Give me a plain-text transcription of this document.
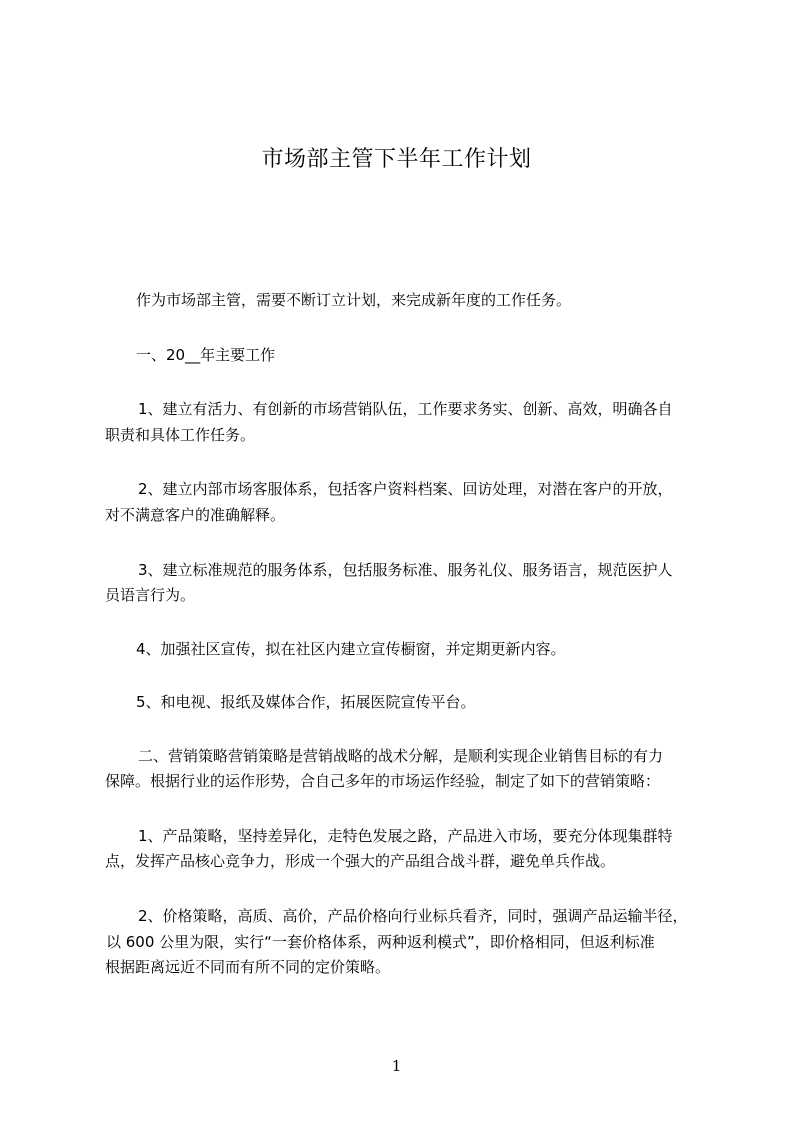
市场部主管下半年工作计划
作为市场部主管，需要不断订立计划，来完成新年度的工作任务。
一、20__年主要工作
1、建立有活力、有创新的市场营销队伍，工作要求务实、创新、高效，明确各自
职责和具体工作任务。
2、建立内部市场客服体系，包括客户资料档案、回访处理，对潜在客户的开放，
对不满意客户的准确解释。
3、建立标准规范的服务体系，包括服务标准、服务礼仪、服务语言，规范医护人
员语言行为。
4、加强社区宣传，拟在社区内建立宣传橱窗，并定期更新内容。
5、和电视、报纸及媒体合作，拓展医院宣传平台。
二、营销策略营销策略是营销战略的战术分解，是顺利实现企业销售目标的有力
保障。根据行业的运作形势，合自己多年的市场运作经验，制定了如下的营销策略：
1、产品策略，坚持差异化，走特色发展之路，产品进入市场，要充分体现集群特
点，发挥产品核心竞争力，形成一个强大的产品组合战斗群，避免单兵作战。
2、价格策略，高质、高价，产品价格向行业标兵看齐，同时，强调产品运输半径，
以 600 公里为限，实行“一套价格体系，两种返利模式”，即价格相同，但返利标准
根据距离远近不同而有所不同的定价策略。
1
